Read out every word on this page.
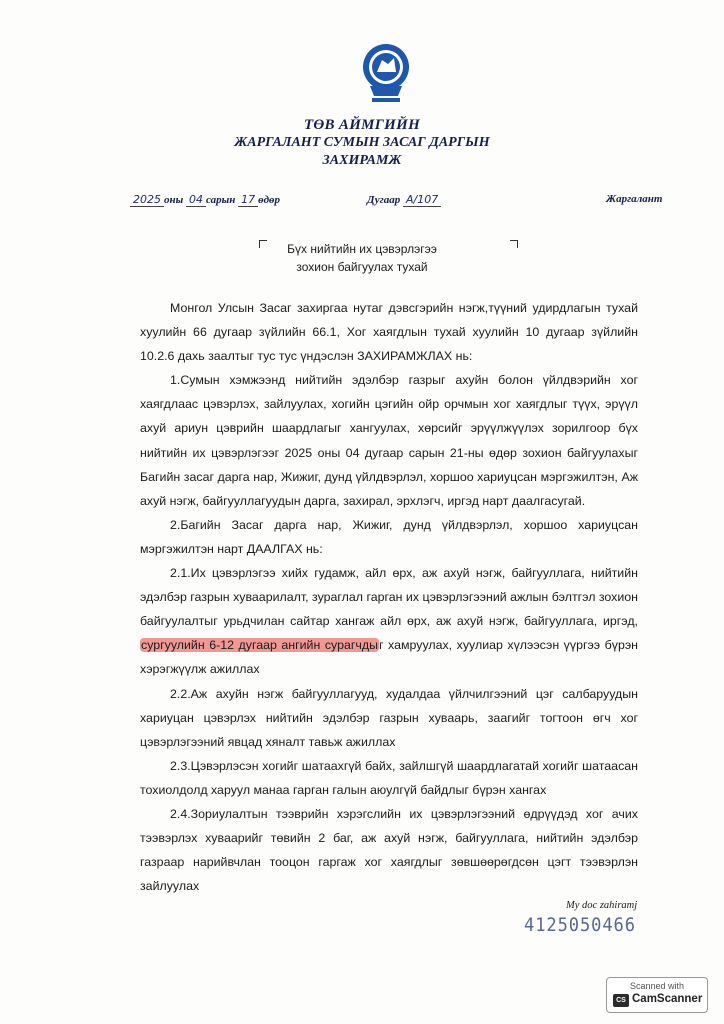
ТӨВ АЙМГИЙН
ЖАРГАЛАНТ СУМЫН ЗАСАГ ДАРГЫН
ЗАХИРАМЖ
2025 оны 04 сарын 17 өдөр	Дугаар А/107	Жаргалант
Бүх нийтийн их цэвэрлэгээ
зохион байгуулах тухай

Монгол Улсын Засаг захиргаа нутаг дэвсгэрийн нэгж,түүний удирдлагын тухай хуулийн 66 дугаар зүйлийн 66.1, Хог хаягдлын тухай хуулийн 10 дугаар зүйлийн 10.2.6 дахь заалтыг тус тус үндэслэн ЗАХИРАМЖЛАХ нь:

1.Сумын хэмжээнд нийтийн эдэлбэр газрыг ахуйн болон үйлдвэрийн хог хаягдлаас цэвэрлэх, зайлуулах, хогийн цэгийн ойр орчмын хог хаягдлыг түүх, эрүүл ахуй ариун цэврийн шаардлагыг хангуулах, хөрсийг эрүүлжүүлэх зорилгоор бүх нийтийн их цэвэрлэгээг 2025 оны 04 дугаар сарын 21-ны өдөр зохион байгуулахыг Багийн засаг дарга нар, Жижиг, дунд үйлдвэрлэл, хоршоо хариуцсан мэргэжилтэн, Аж ахуй нэгж, байгууллагуудын дарга, захирал, эрхлэгч, иргэд нарт даалгасугай.

2.Багийн Засаг дарга нар, Жижиг, дунд үйлдвэрлэл, хоршоо хариуцсан мэргэжилтэн нарт ДААЛГАХ нь:

2.1.Их цэвэрлэгээ хийх гудамж, айл өрх, аж ахуй нэгж, байгууллага, нийтийн эдэлбэр газрын хуваарилалт, зураглал гарган их цэвэрлэгээний ажлын бэлтгэл зохион байгуулалтыг урьдчилан сайтар хангаж айл өрх, аж ахуй нэгж, байгууллага, иргэд, сургуулийн 6-12 дугаар ангийн сурагчдыг хамруулах, хуулиар хүлээсэн үүргээ бүрэн хэрэгжүүлж ажиллах

2.2.Аж ахуйн нэгж байгууллагууд, худалдаа үйлчилгээний цэг салбаруудын хариуцан цэвэрлэх нийтийн эдэлбэр газрын хуваарь, заагийг тогтоон өгч хог цэвэрлэгээний явцад хяналт тавьж ажиллах

2.3.Цэвэрлэсэн хогийг шатаахгүй байх, зайлшгүй шаардлагатай хогийг шатаасан тохиолдолд харуул манаа гарган галын аюулгүй байдлыг бүрэн хангах

2.4.Зориулалтын тээврийн хэрэгслийн их цэвэрлэгээний өдрүүдэд хог ачих тээвэрлэх хуваарийг төвийн 2 баг, аж ахуй нэгж, байгууллага, нийтийн эдэлбэр газраар нарийвчлан тооцон гаргаж хог хаягдлыг зөвшөөрөгдсөн цэгт тээвэрлэн зайлуулах

My doc zahiramj
4125050466
Scanned with
CS CamScanner
